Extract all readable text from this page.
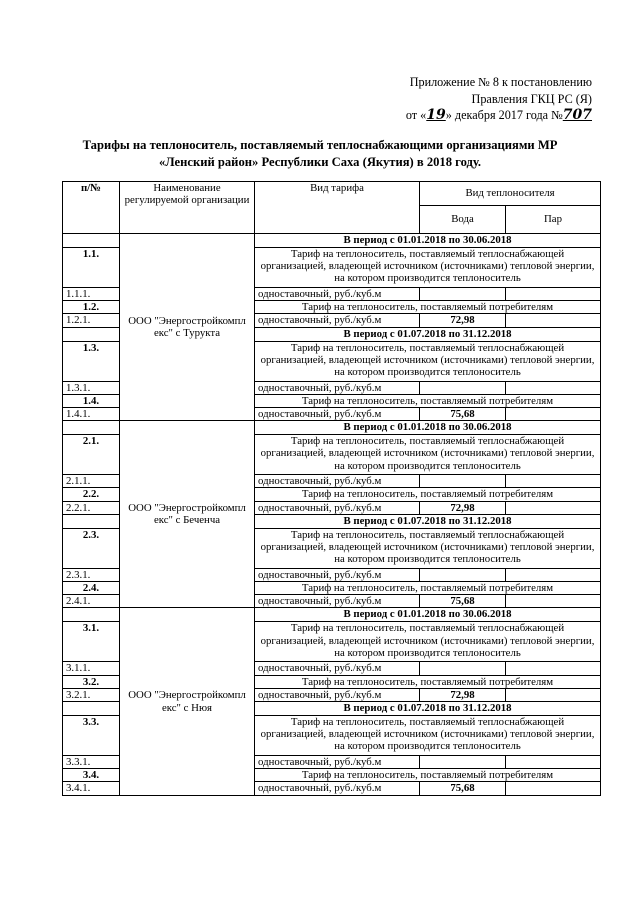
Приложение № 8 к постановлению
Правления ГКЦ РС (Я)
от «19» декабря 2017 года №707
Тарифы на теплоноситель, поставляемый теплоснабжающими организациями МР
«Ленский район» Республики Саха (Якутия) в 2018 году.
п/№	Наименование регулируемой организации	Вид тарифа	Вид теплоносителя	
			Вода	Пар
	ООО "Энергостройкомпл екс" с Турукта	В период с 01.01.2018 по 30.06.2018		
1.1.		Тариф на теплоноситель, поставляемый теплоснабжающей организацией, владеющей источником (источниками) тепловой энергии, на котором производится теплоноситель		
1.1.1.		одноставочный, руб./куб.м		
1.2.		Тариф на теплоноситель, поставляемый потребителям		
1.2.1.		одноставочный, руб./куб.м	72,98	
		В период с 01.07.2018 по 31.12.2018		
1.3.		Тариф на теплоноситель, поставляемый теплоснабжающей организацией, владеющей источником (источниками) тепловой энергии, на котором производится теплоноситель		
1.3.1.		одноставочный, руб./куб.м		
1.4.		Тариф на теплоноситель, поставляемый потребителям		
1.4.1.		одноставочный, руб./куб.м	75,68	
	ООО "Энергостройкомпл екс" с Беченча	В период с 01.01.2018 по 30.06.2018		
2.1.		Тариф на теплоноситель, поставляемый теплоснабжающей организацией, владеющей источником (источниками) тепловой энергии, на котором производится теплоноситель		
2.1.1.		одноставочный, руб./куб.м		
2.2.		Тариф на теплоноситель, поставляемый потребителям		
2.2.1.		одноставочный, руб./куб.м	72,98	
		В период с 01.07.2018 по 31.12.2018		
2.3.		Тариф на теплоноситель, поставляемый теплоснабжающей организацией, владеющей источником (источниками) тепловой энергии, на котором производится теплоноситель		
2.3.1.		одноставочный, руб./куб.м		
2.4.		Тариф на теплоноситель, поставляемый потребителям		
2.4.1.		одноставочный, руб./куб.м	75,68	
	ООО "Энергостройкомпл екс" с Нюя	В период с 01.01.2018 по 30.06.2018		
3.1.		Тариф на теплоноситель, поставляемый теплоснабжающей организацией, владеющей источником (источниками) тепловой энергии, на котором производится теплоноситель		
3.1.1.		одноставочный, руб./куб.м		
3.2.		Тариф на теплоноситель, поставляемый потребителям		
3.2.1.		одноставочный, руб./куб.м	72,98	
		В период с 01.07.2018 по 31.12.2018		
3.3.		Тариф на теплоноситель, поставляемый теплоснабжающей организацией, владеющей источником (источниками) тепловой энергии, на котором производится теплоноситель		
3.3.1.		одноставочный, руб./куб.м		
3.4.		Тариф на теплоноситель, поставляемый потребителям		
3.4.1.		одноставочный, руб./куб.м	75,68	
